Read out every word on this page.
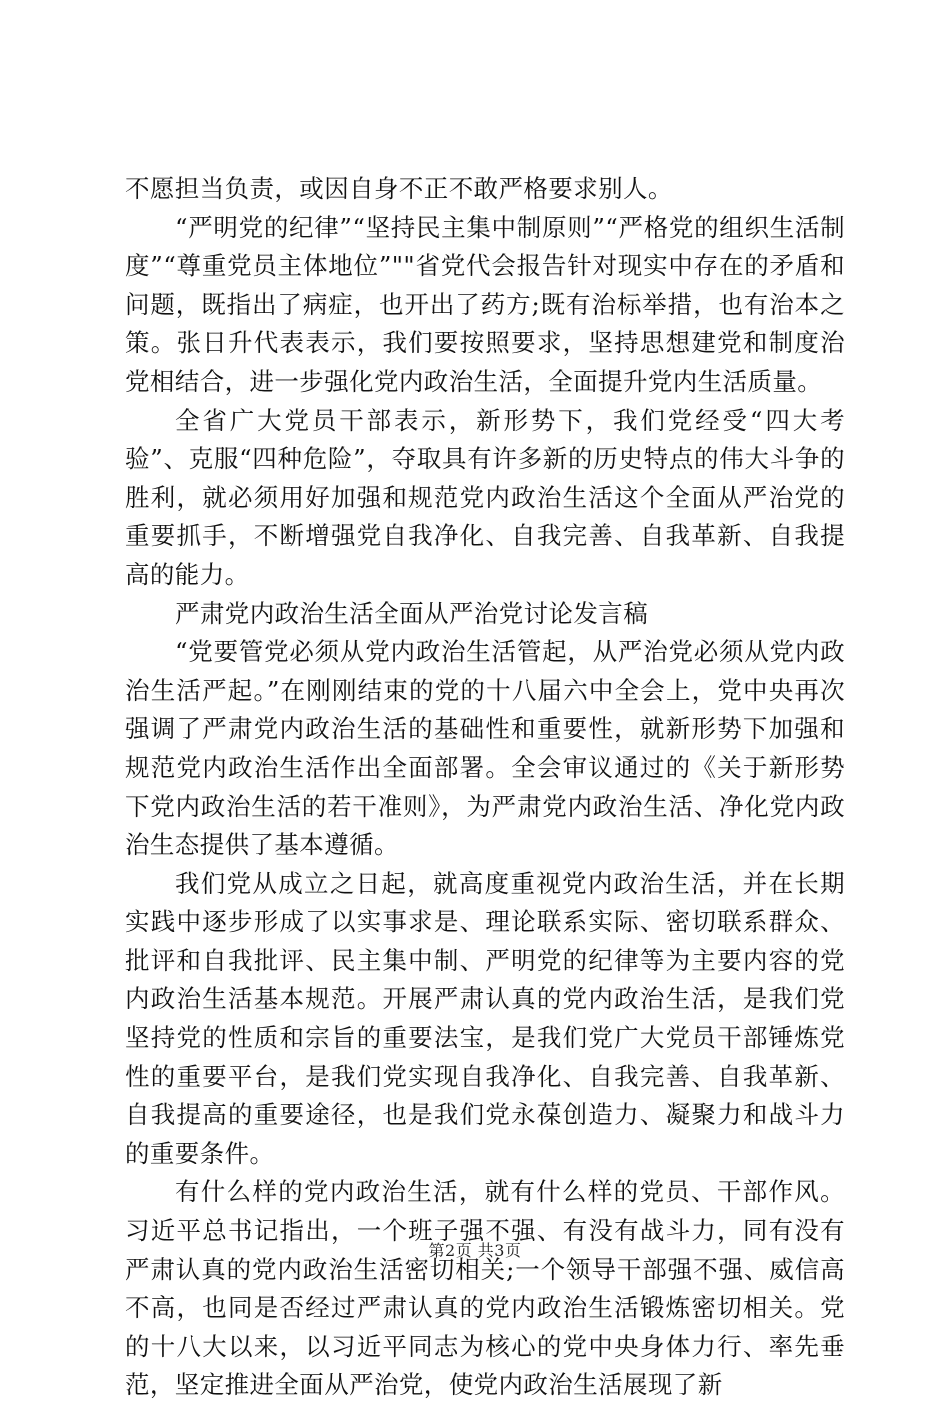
不愿担当负责，或因自身不正不敢严格要求别人。

“严明党的纪律”“坚持民主集中制原则”“严格党的组织生活制度”“尊重党员主体地位”""省党代会报告针对现实中存在的矛盾和问题，既指出了病症，也开出了药方;既有治标举措，也有治本之策。张日升代表表示，我们要按照要求，坚持思想建党和制度治党相结合，进一步强化党内政治生活，全面提升党内生活质量。

全省广大党员干部表示，新形势下，我们党经受“四大考验”、克服“四种危险”，夺取具有许多新的历史特点的伟大斗争的胜利，就必须用好加强和规范党内政治生活这个全面从严治党的重要抓手，不断增强党自我净化、自我完善、自我革新、自我提高的能力。

严肃党内政治生活全面从严治党讨论发言稿

“党要管党必须从党内政治生活管起，从严治党必须从党内政治生活严起。”在刚刚结束的党的十八届六中全会上，党中央再次强调了严肃党内政治生活的基础性和重要性，就新形势下加强和规范党内政治生活作出全面部署。全会审议通过的《关于新形势下党内政治生活的若干准则》，为严肃党内政治生活、净化党内政治生态提供了基本遵循。

我们党从成立之日起，就高度重视党内政治生活，并在长期实践中逐步形成了以实事求是、理论联系实际、密切联系群众、批评和自我批评、民主集中制、严明党的纪律等为主要内容的党内政治生活基本规范。开展严肃认真的党内政治生活，是我们党坚持党的性质和宗旨的重要法宝，是我们党广大党员干部锤炼党性的重要平台，是我们党实现自我净化、自我完善、自我革新、自我提高的重要途径，也是我们党永葆创造力、凝聚力和战斗力的重要条件。

有什么样的党内政治生活，就有什么样的党员、干部作风。习近平总书记指出，一个班子强不强、有没有战斗力，同有没有严肃认真的党内政治生活密切相关;一个领导干部强不强、威信高不高，也同是否经过严肃认真的党内政治生活锻炼密切相关。党的十八大以来，以习近平同志为核心的党中央身体力行、率先垂范，坚定推进全面从严治党，使党内政治生活展现了新

第2页 共3页
